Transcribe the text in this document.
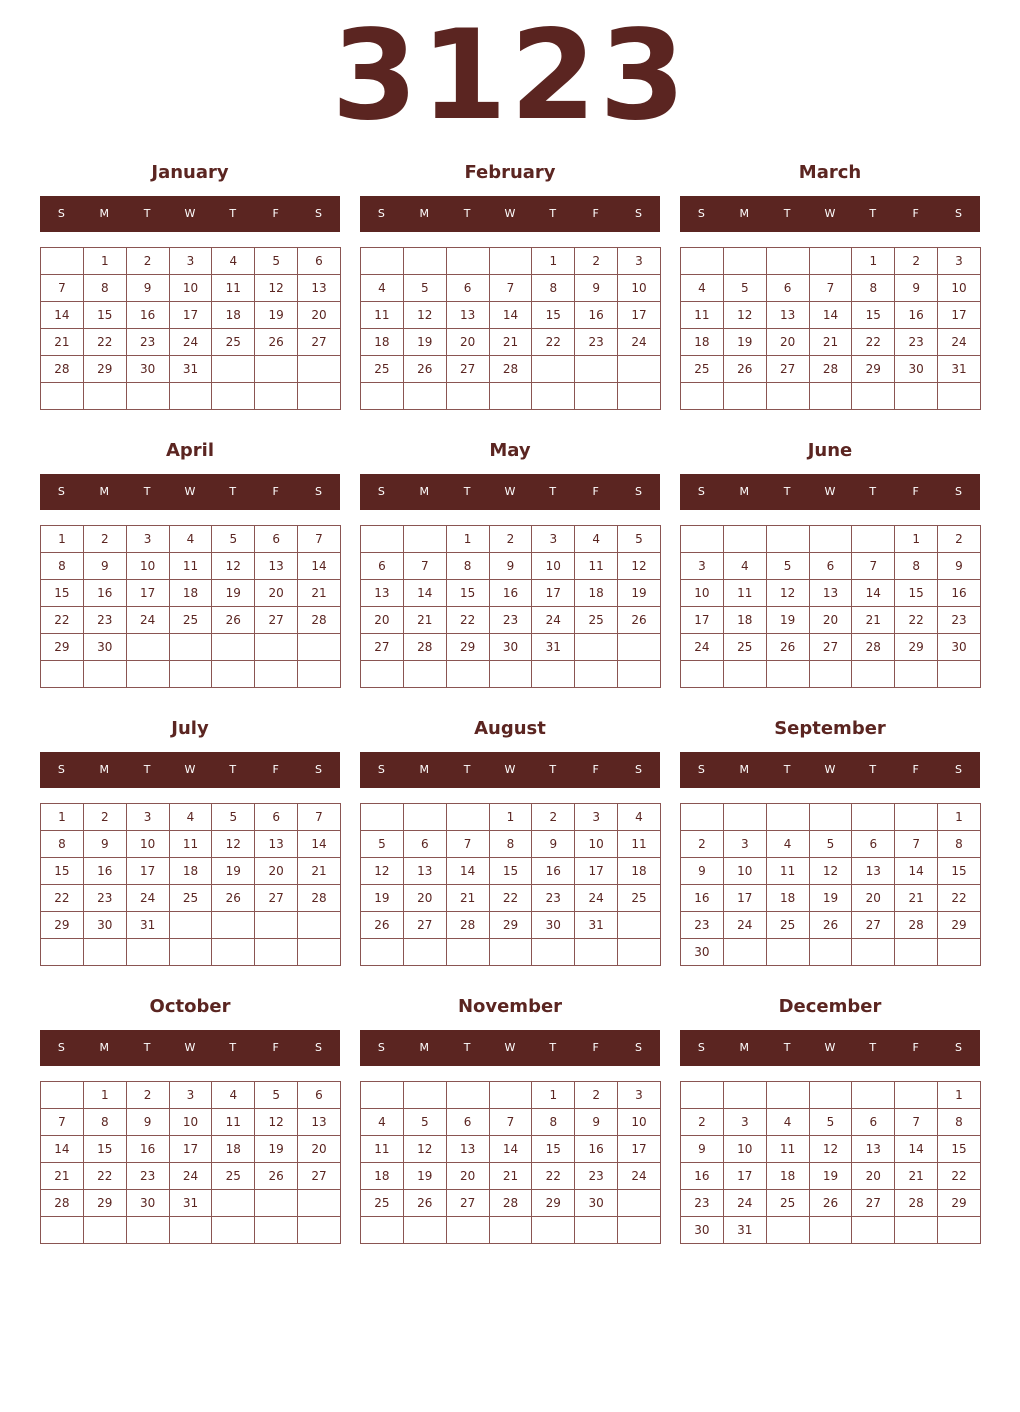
3123
January
S	M	T	W	T	F	S
	1	2	3	4	5	6
7	8	9	10	11	12	13
14	15	16	17	18	19	20
21	22	23	24	25	26	27
28	29	30	31			

February
S	M	T	W	T	F	S
				1	2	3
4	5	6	7	8	9	10
11	12	13	14	15	16	17
18	19	20	21	22	23	24
25	26	27	28			

March
S	M	T	W	T	F	S
				1	2	3
4	5	6	7	8	9	10
11	12	13	14	15	16	17
18	19	20	21	22	23	24
25	26	27	28	29	30	31

April
S	M	T	W	T	F	S
1	2	3	4	5	6	7
8	9	10	11	12	13	14
15	16	17	18	19	20	21
22	23	24	25	26	27	28
29	30					

May
S	M	T	W	T	F	S
		1	2	3	4	5
6	7	8	9	10	11	12
13	14	15	16	17	18	19
20	21	22	23	24	25	26
27	28	29	30	31		

June
S	M	T	W	T	F	S
					1	2
3	4	5	6	7	8	9
10	11	12	13	14	15	16
17	18	19	20	21	22	23
24	25	26	27	28	29	30

July
S	M	T	W	T	F	S
1	2	3	4	5	6	7
8	9	10	11	12	13	14
15	16	17	18	19	20	21
22	23	24	25	26	27	28
29	30	31				

August
S	M	T	W	T	F	S
			1	2	3	4
5	6	7	8	9	10	11
12	13	14	15	16	17	18
19	20	21	22	23	24	25
26	27	28	29	30	31	

September
S	M	T	W	T	F	S
						1
2	3	4	5	6	7	8
9	10	11	12	13	14	15
16	17	18	19	20	21	22
23	24	25	26	27	28	29
30						
October
S	M	T	W	T	F	S
	1	2	3	4	5	6
7	8	9	10	11	12	13
14	15	16	17	18	19	20
21	22	23	24	25	26	27
28	29	30	31			

November
S	M	T	W	T	F	S
				1	2	3
4	5	6	7	8	9	10
11	12	13	14	15	16	17
18	19	20	21	22	23	24
25	26	27	28	29	30	

December
S	M	T	W	T	F	S
						1
2	3	4	5	6	7	8
9	10	11	12	13	14	15
16	17	18	19	20	21	22
23	24	25	26	27	28	29
30	31					
